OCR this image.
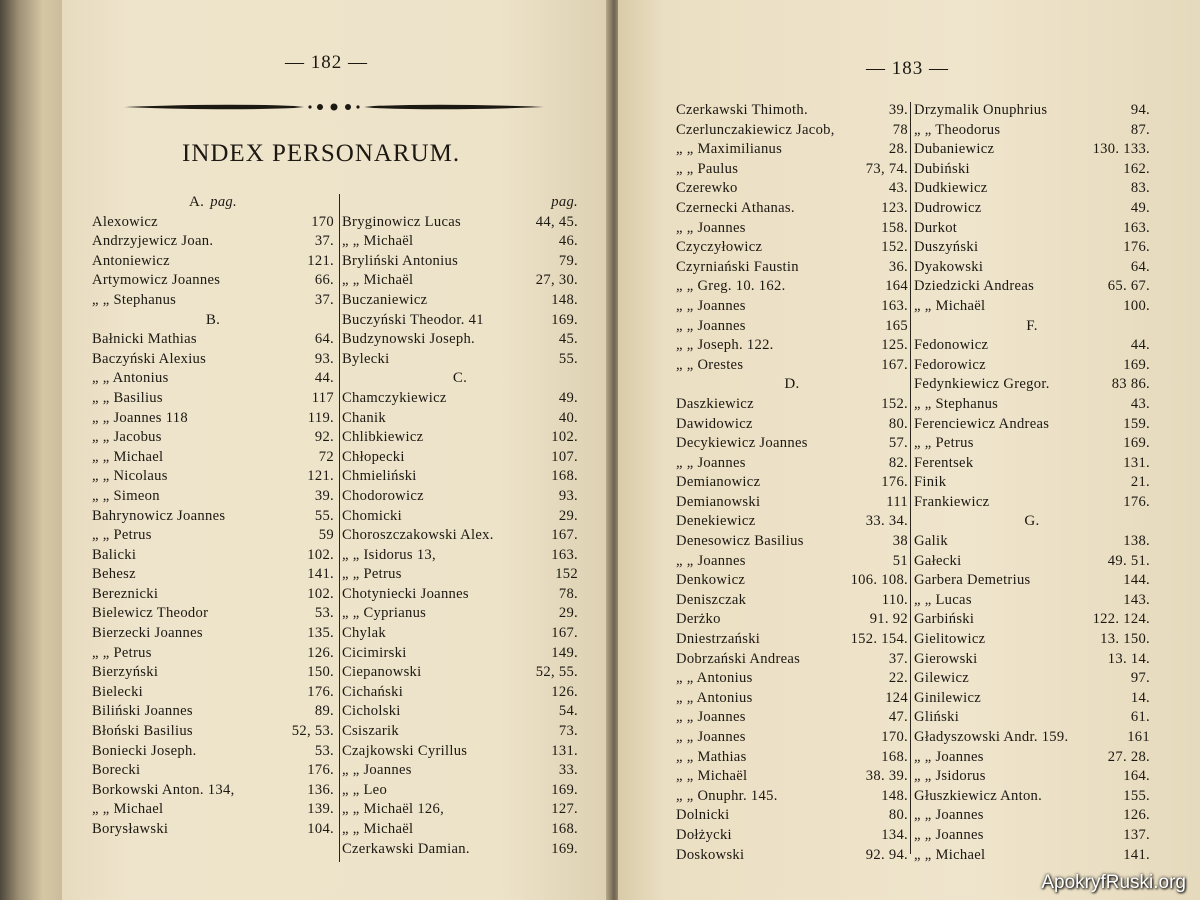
— 182 —
INDEX PERSONARUM.
A. pag.
Alexowicz	170
Andrzyjewicz Joan.	37.
Antoniewicz	121.
Artymowicz Joannes	66.
„ „ Stephanus	37.
B.
Bałnicki Mathias	64.
Baczyński Alexius	93.
„ „ Antonius	44.
„ „ Basilius	117
„ „ Joannes 118	119.
„ „ Jacobus	92.
„ „ Michael	72
„ „ Nicolaus	121.
„ „ Simeon	39.
Bahrynowicz Joannes	55.
„ „ Petrus	59
Balicki	102.
Behesz	141.
Bereznicki	102.
Bielewicz Theodor	53.
Bierzecki Joannes	135.
„ „ Petrus	126.
Bierzyński	150.
Bielecki	176.
Biliński Joannes	89.
Błoński Basilius	52, 53.
Boniecki Joseph.	53.
Borecki	176.
Borkowski Anton. 134,	136.
„ „ Michael	139.
Borysławski	104.
pag.
Bryginowicz Lucas	44, 45.
„ „ Michaël	46.
Bryliński Antonius	79.
„ „ Michaël	27, 30.
Buczaniewicz	148.
Buczyński Theodor. 41	169.
Budzynowski Joseph.	45.
Bylecki	55.
C.
Chamczykiewicz	49.
Chanik	40.
Chlibkiewicz	102.
Chłopecki	107.
Chmieliński	168.
Chodorowicz	93.
Chomicki	29.
Choroszczakowski Alex.	167.
„ „ Isidorus 13,	163.
„ „ Petrus	152
Chotyniecki Joannes	78.
„ „ Cyprianus	29.
Chylak	167.
Cicimirski	149.
Ciepanowski	52, 55.
Cichański	126.
Cicholski	54.
Csiszarik	73.
Czajkowski Cyrillus	131.
„ „ Joannes	33.
„ „ Leo	169.
„ „ Michaël 126,	127.
„ „ Michaël	168.
Czerkawski Damian.	169.
— 183 —
Czerkawski Thimoth.	39.
Czerlunczakiewicz Jacob,	78
„ „ Maximilianus	28.
„ „ Paulus	73, 74.
Czerewko	43.
Czernecki Athanas.	123.
„ „ Joannes	158.
Czyczyłowicz	152.
Czyrniański Faustin	36.
„ „ Greg. 10. 162.	164
„ „ Joannes	163.
„ „ Joannes	165
„ „ Joseph. 122.	125.
„ „ Orestes	167.
D.
Daszkiewicz	152.
Dawidowicz	80.
Decykiewicz Joannes	57.
„ „ Joannes	82.
Demianowicz	176.
Demianowski	111
Denekiewicz	33. 34.
Denesowicz Basilius	38
„ „ Joannes	51
Denkowicz	106. 108.
Deniszczak	110.
Derżko	91. 92
Dniestrzański	152. 154.
Dobrzański Andreas	37.
„ „ Antonius	22.
„ „ Antonius	124
„ „ Joannes	47.
„ „ Joannes	170.
„ „ Mathias	168.
„ „ Michaël	38. 39.
„ „ Onuphr. 145.	148.
Dolnicki	80.
Dołżycki	134.
Doskowski	92. 94.
Drzymalik Onuphrius	94.
„ „ Theodorus	87.
Dubaniewicz	130. 133.
Dubiński	162.
Dudkiewicz	83.
Dudrowicz	49.
Durkot	163.
Duszyński	176.
Dyakowski	64.
Dziedzicki Andreas	65. 67.
„ „ Michaël	100.
F.
Fedonowicz	44.
Fedorowicz	169.
Fedynkiewicz Gregor.	83 86.
„ „ Stephanus	43.
Ferenciewicz Andreas	159.
„ „ Petrus	169.
Ferentsek	131.
Finik	21.
Frankiewicz	176.
G.
Galik	138.
Gałecki	49. 51.
Garbera Demetrius	144.
„ „ Lucas	143.
Garbiński	122. 124.
Gielitowicz	13. 150.
Gierowski	13. 14.
Gilewicz	97.
Ginilewicz	14.
Gliński	61.
Gładyszowski Andr. 159.	161
„ „ Joannes	27. 28.
„ „ Jsidorus	164.
Głuszkiewicz Anton.	155.
„ „ Joannes	126.
„ „ Joannes	137.
„ „ Michael	141.
ApokryfRuski.org
